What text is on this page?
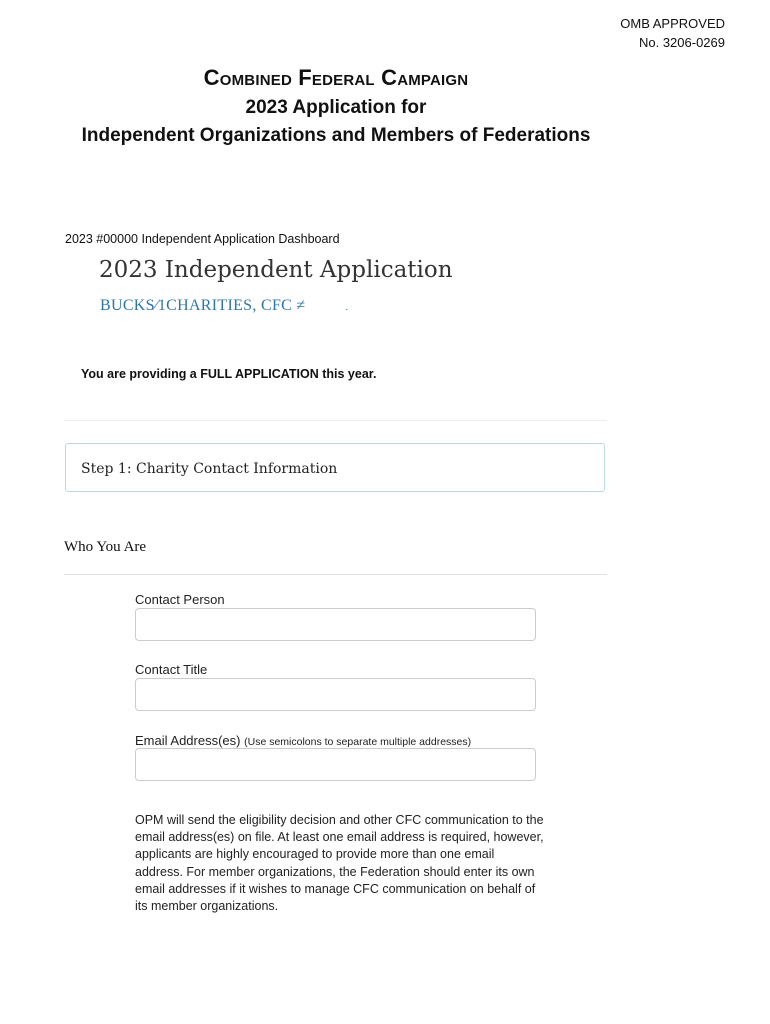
OMB APPROVED
No. 3206-0269
Combined Federal Campaign
2023 Application for
Independent Organizations and Members of Federations
2023 #00000 Independent Application Dashboard
2023 Independent Application
BUCKS⁄1CHARITIES, CFC ≠	.
You are providing a FULL APPLICATION this year.
Step 1: Charity Contact Information
Who You Are
Contact Person
Contact Title
Email Address(es) (Use semicolons to separate multiple addresses)
OPM will send the eligibility decision and other CFC communication to the email address(es) on file. At least one email address is required, however, applicants are highly encouraged to provide more than one email address. For member organizations, the Federation should enter its own email addresses if it wishes to manage CFC communication on behalf of its member organizations.
